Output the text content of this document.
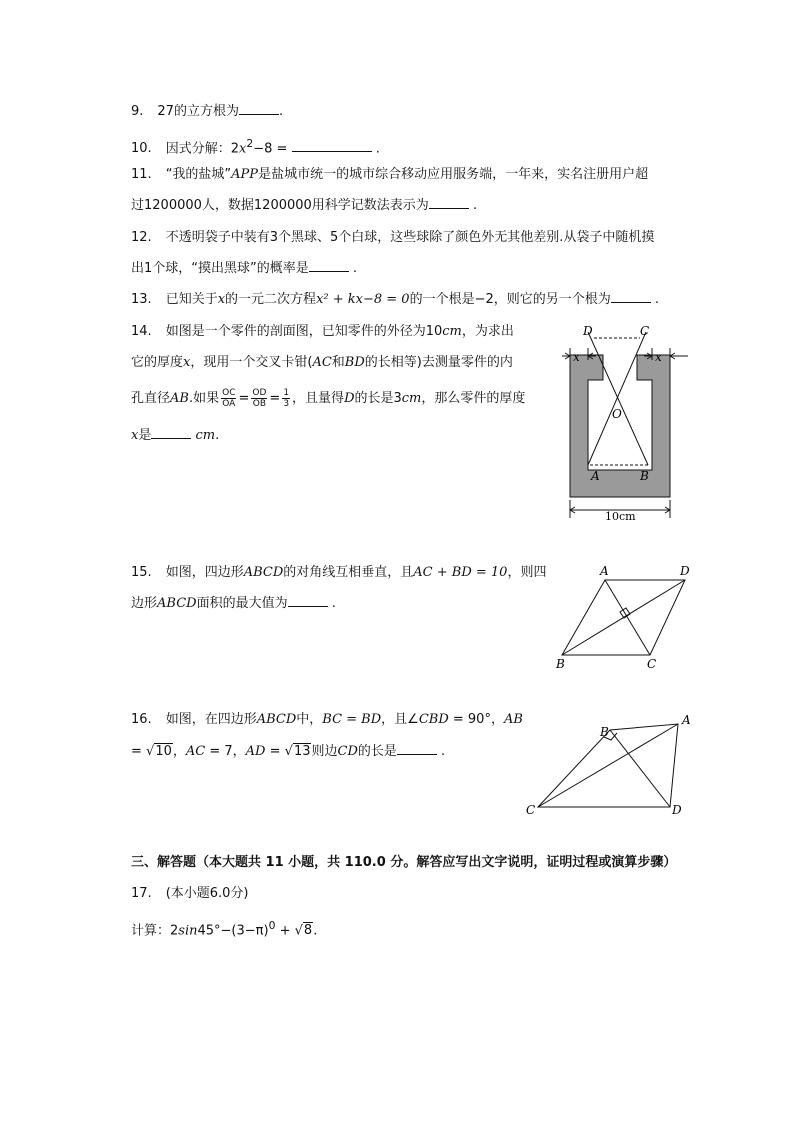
9. 27的立方根为	.
10. 因式分解：$2x^2-8$ =	.
11. “我的盐城”APP是盐城市统一的城市综合移动应用服务端，一年来，实名注册用户超
过1200000人，数据1200000用科学记数法表示为	.
12. 不透明袋子中装有3个黑球、5个白球，这些球除了颜色外无其他差别.从袋子中随机摸
出1个球，“摸出黑球”的概率是	.
13. 已知关于x的一元二次方程x² + kx−8 = 0的一个根是−2，则它的另一个根为	.
14. 如图是一个零件的剖面图，已知零件的外径为10cm，为求出
它的厚度x，现用一个交叉卡钳(AC和BD的长相等)去测量零件的内
孔直径AB.如果 $\frac{OC}{OA} = \frac{OD}{OB} = \frac{1}{3}$ ，且量得D的长是3cm，那么零件的厚度
x是	cm.
D	C
x	x
O
A	B
10cm
15. 如图，四边形ABCD的对角线互相垂直，且AC + BD = 10，则四
边形ABCD面积的最大值为	.
A	D
B	C
16. 如图，在四边形ABCD中，BC = BD，且∠CBD = 90°，AB
= √10，AC = 7，AD = √13则边CD的长是	.
A
B
C	D
三、解答题（本大题共 11 小题，共 110.0 分。解答应写出文字说明，证明过程或演算步骤）
17. (本小题6.0分)
计算：$2\sin 45^\circ-(3-\pi)^0 + √8$.
